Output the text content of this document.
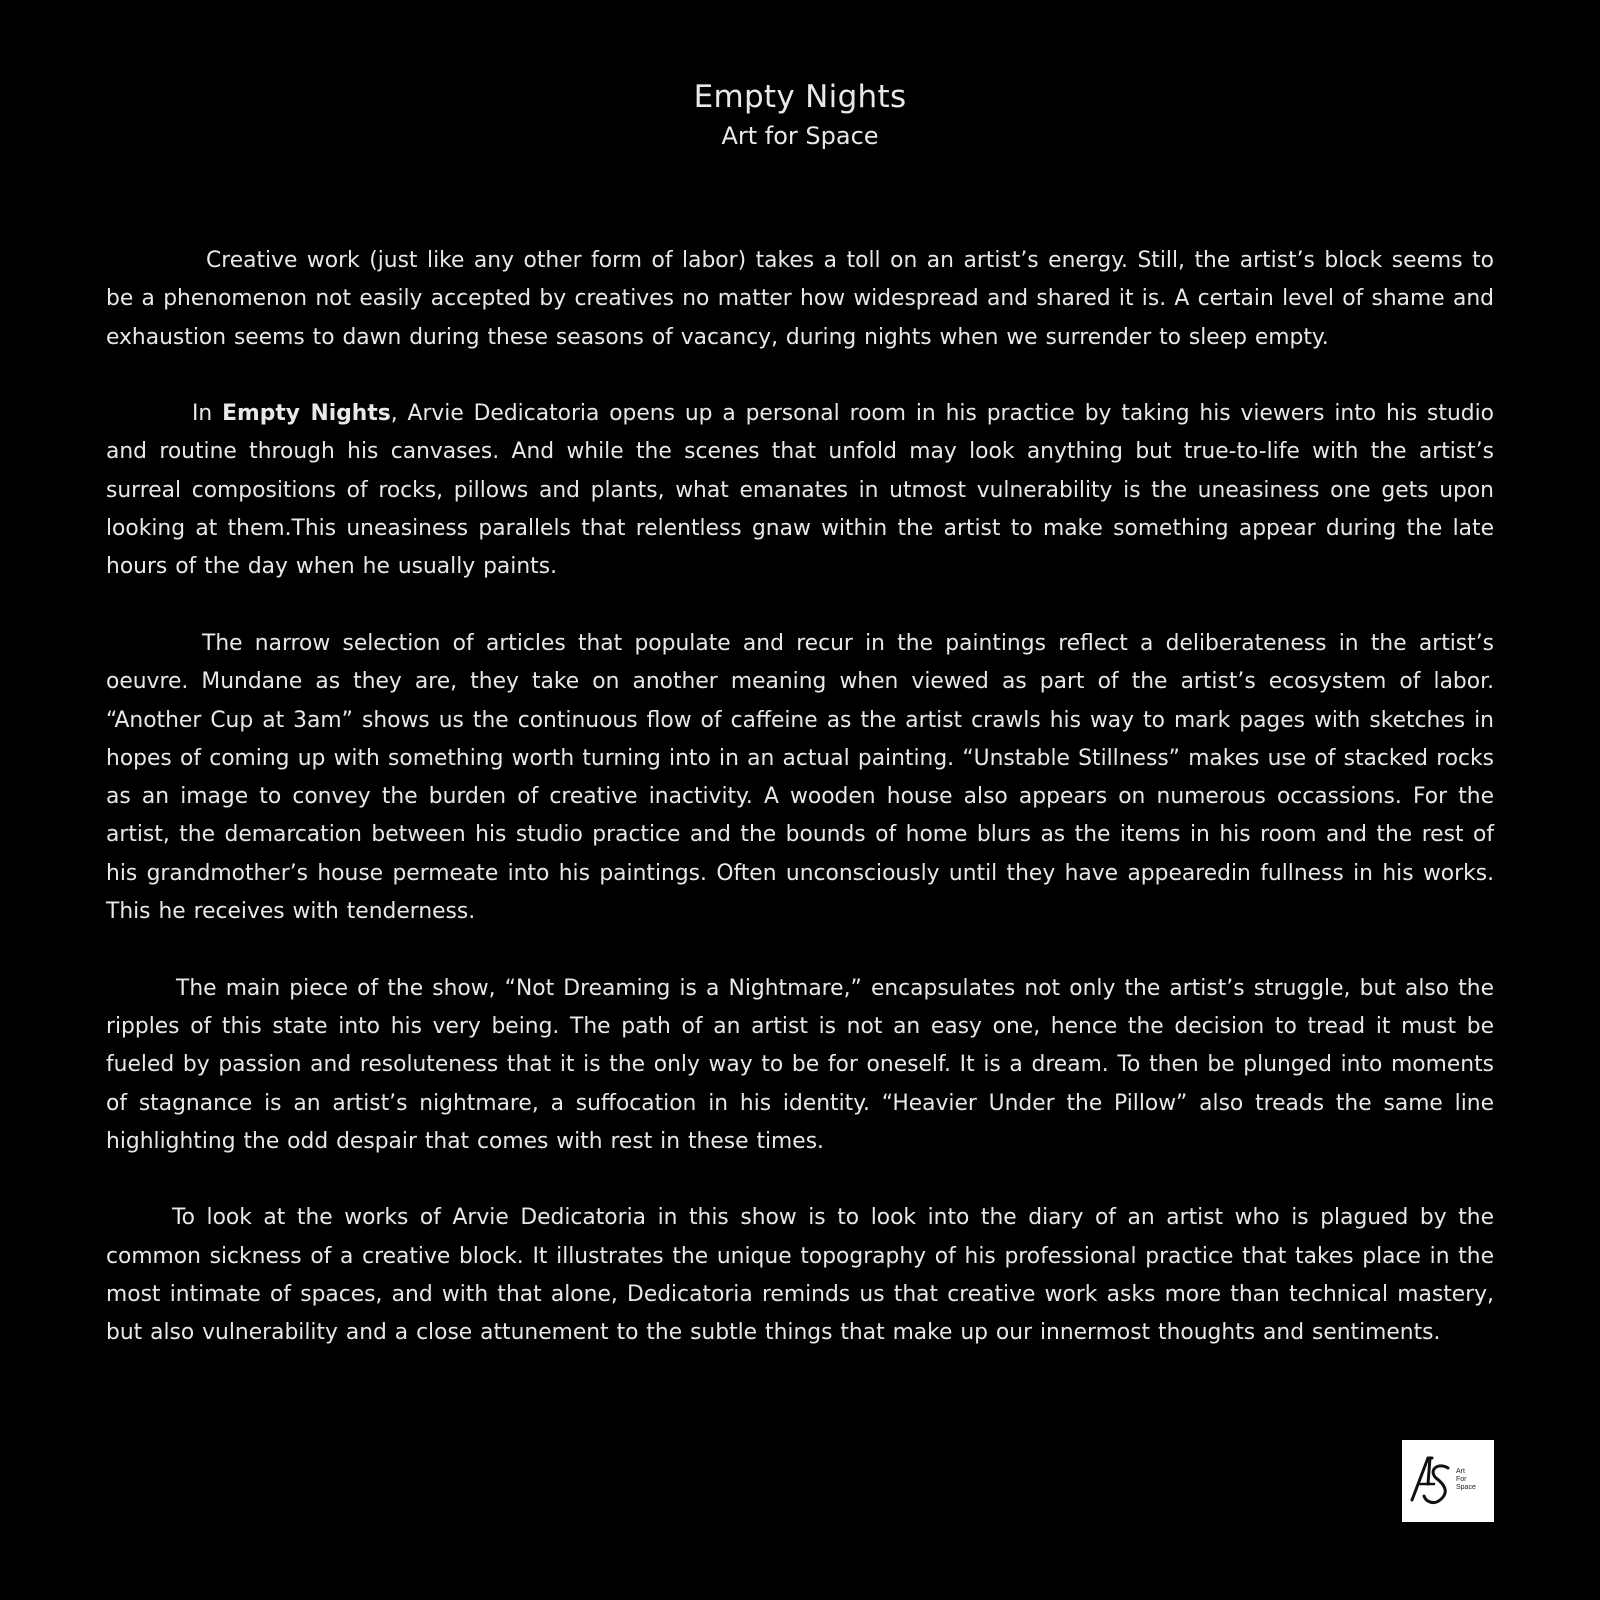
Empty Nights
Art for Space

Creative work (just like any other form of labor) takes a toll on an artist’s energy. Still, the artist’s block seems to be a phenomenon not easily accepted by creatives no matter how widespread and shared it is. A certain level of shame and exhaustion seems to dawn during these seasons of vacancy, during nights when we surrender to sleep empty.

In Empty Nights, Arvie Dedicatoria opens up a personal room in his practice by taking his viewers into his studio and routine through his canvases. And while the scenes that unfold may look anything but true-to-life with the artist’s surreal compositions of rocks, pillows and plants, what emanates in utmost vulnerability is the uneasiness one gets upon looking at them.This uneasiness parallels that relentless gnaw within the artist to make something appear during the late hours of the day when he usually paints.

The narrow selection of articles that populate and recur in the paintings reflect a deliberateness in the artist’s oeuvre. Mundane as they are, they take on another meaning when viewed as part of the artist’s ecosystem of labor. “Another Cup at 3am” shows us the continuous flow of caffeine as the artist crawls his way to mark pages with sketches in hopes of coming up with something worth turning into in an actual painting. “Unstable Stillness” makes use of stacked rocks as an image to convey the burden of creative inactivity. A wooden house also appears on numerous occassions. For the artist, the demarcation between his studio practice and the bounds of home blurs as the items in his room and the rest of his grandmother’s house permeate into his paintings. Often unconsciously until they have appearedin fullness in his works. This he receives with tenderness.

The main piece of the show, “Not Dreaming is a Nightmare,” encapsulates not only the artist’s struggle, but also the ripples of this state into his very being. The path of an artist is not an easy one, hence the decision to tread it must be fueled by passion and resoluteness that it is the only way to be for oneself. It is a dream. To then be plunged into moments of stagnance is an artist’s nightmare, a suffocation in his identity. “Heavier Under the Pillow” also treads the same line highlighting the odd despair that comes with rest in these times.

To look at the works of Arvie Dedicatoria in this show is to look into the diary of an artist who is plagued by the common sickness of a creative block. It illustrates the unique topography of his professional practice that takes place in the most intimate of spaces, and with that alone, Dedicatoria reminds us that creative work asks more than technical mastery, but also vulnerability and a close attunement to the subtle things that make up our innermost thoughts and sentiments.

Art
For
Space
